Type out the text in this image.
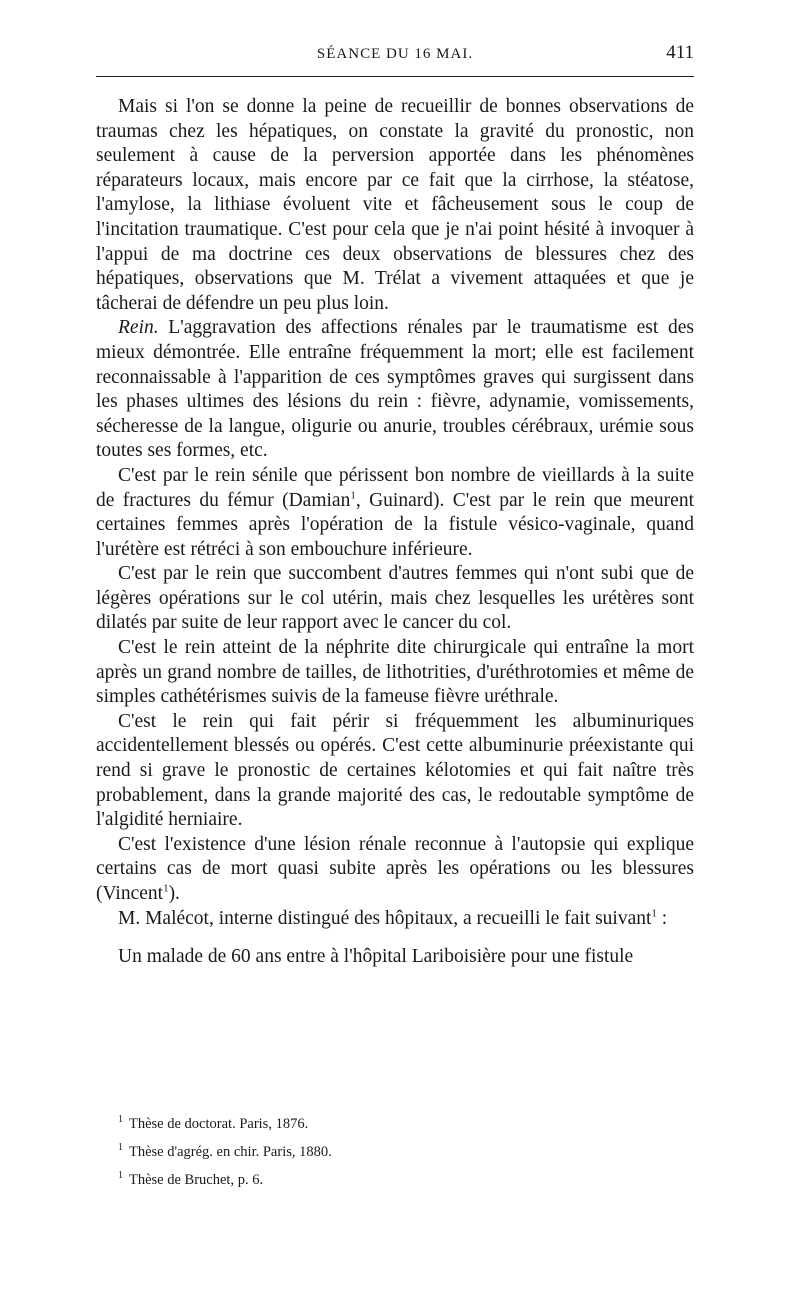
SÉANCE DU 16 MAI.	411

Mais si l'on se donne la peine de recueillir de bonnes observations de traumas chez les hépatiques, on constate la gravité du pronostic, non seulement à cause de la perversion apportée dans les phénomènes réparateurs locaux, mais encore par ce fait que la cirrhose, la stéatose, l'amylose, la lithiase évoluent vite et fâcheusement sous le coup de l'incitation traumatique. C'est pour cela que je n'ai point hésité à invoquer à l'appui de ma doctrine ces deux observations de blessures chez des hépatiques, observations que M. Trélat a vivement attaquées et que je tâcherai de défendre un peu plus loin.

Rein. L'aggravation des affections rénales par le traumatisme est des mieux démontrée. Elle entraîne fréquemment la mort; elle est facilement reconnaissable à l'apparition de ces symptômes graves qui surgissent dans les phases ultimes des lésions du rein : fièvre, adynamie, vomissements, sécheresse de la langue, oligurie ou anurie, troubles cérébraux, urémie sous toutes ses formes, etc.

C'est par le rein sénile que périssent bon nombre de vieillards à la suite de fractures du fémur (Damian$^1$, Guinard). C'est par le rein que meurent certaines femmes après l'opération de la fistule vésico-vaginale, quand l'urétère est rétréci à son embouchure inférieure.

C'est par le rein que succombent d'autres femmes qui n'ont subi que de légères opérations sur le col utérin, mais chez lesquelles les urétères sont dilatés par suite de leur rapport avec le cancer du col.

C'est le rein atteint de la néphrite dite chirurgicale qui entraîne la mort après un grand nombre de tailles, de lithotrities, d'uréthrotomies et même de simples cathétérismes suivis de la fameuse fièvre uréthrale.

C'est le rein qui fait périr si fréquemment les albuminuriques accidentellement blessés ou opérés. C'est cette albuminurie préexistante qui rend si grave le pronostic de certaines kélotomies et qui fait naître très probablement, dans la grande majorité des cas, le redoutable symptôme de l'algidité herniaire.

C'est l'existence d'une lésion rénale reconnue à l'autopsie qui explique certains cas de mort quasi subite après les opérations ou les blessures (Vincent$^1$).

M. Malécot, interne distingué des hôpitaux, a recueilli le fait suivant$^1$ :

Un malade de 60 ans entre à l'hôpital Lariboisière pour une fistule

$^1$ Thèse de doctorat. Paris, 1876.

$^1$ Thèse d'agrég. en chir. Paris, 1880.

$^1$ Thèse de Bruchet, p. 6.
